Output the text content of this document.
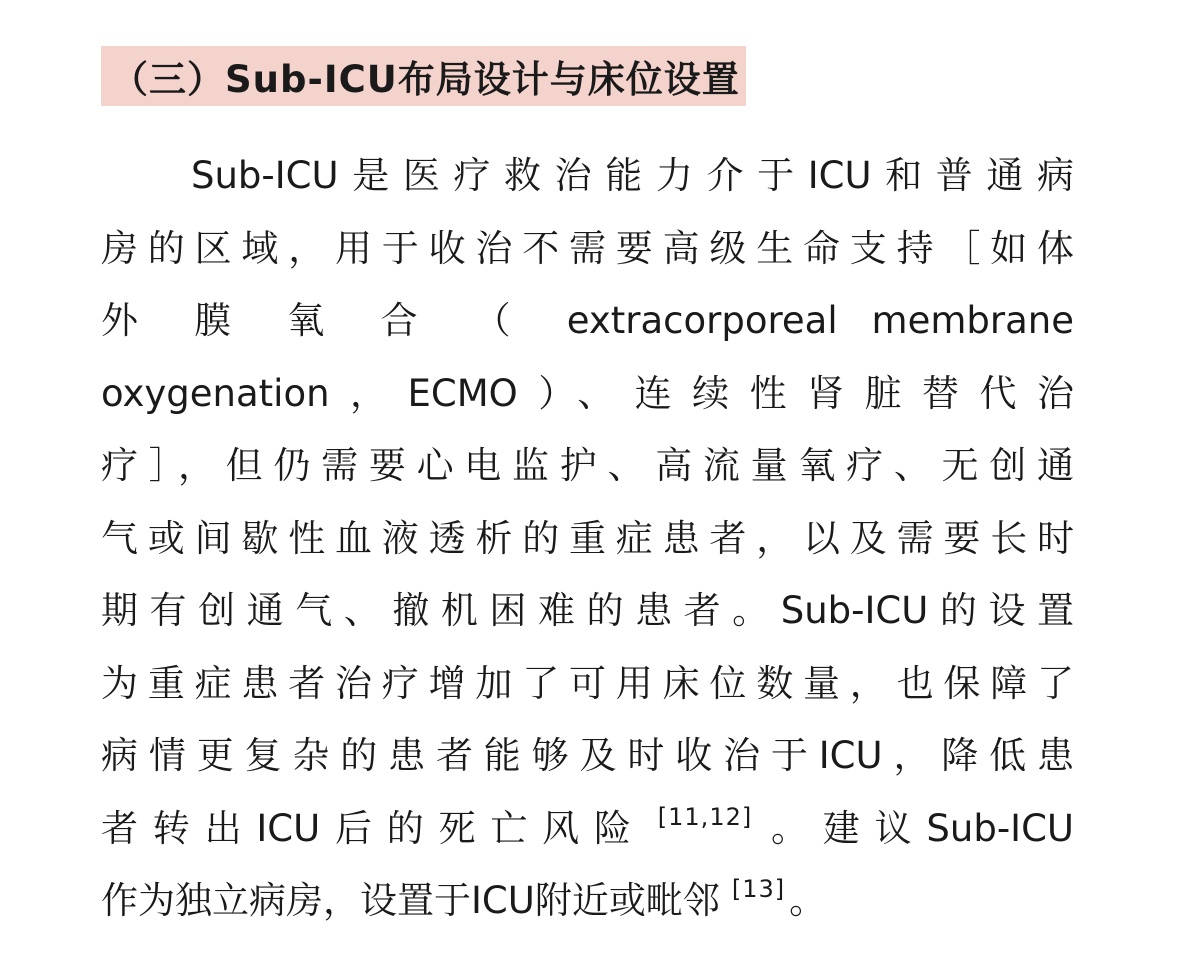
（三）Sub-ICU布局设计与床位设置
Sub-ICU是医疗救治能力介于ICU和普通病
房的区域，用于收治不需要高级生命支持［如体
外 膜 氧 合 （ extracorporeal membrane
oxygenation，ECMO）、连续性肾脏替代治
疗］，但仍需要心电监护、高流量氧疗、无创通
气或间歇性血液透析的重症患者，以及需要长时
期有创通气、撤机困难的患者。Sub-ICU的设置
为重症患者治疗增加了可用床位数量，也保障了
病情更复杂的患者能够及时收治于ICU，降低患
者转出ICU后的死亡风险 [11,12] 。建议Sub-ICU
作为独立病房，设置于ICU附近或毗邻 [13] 。
